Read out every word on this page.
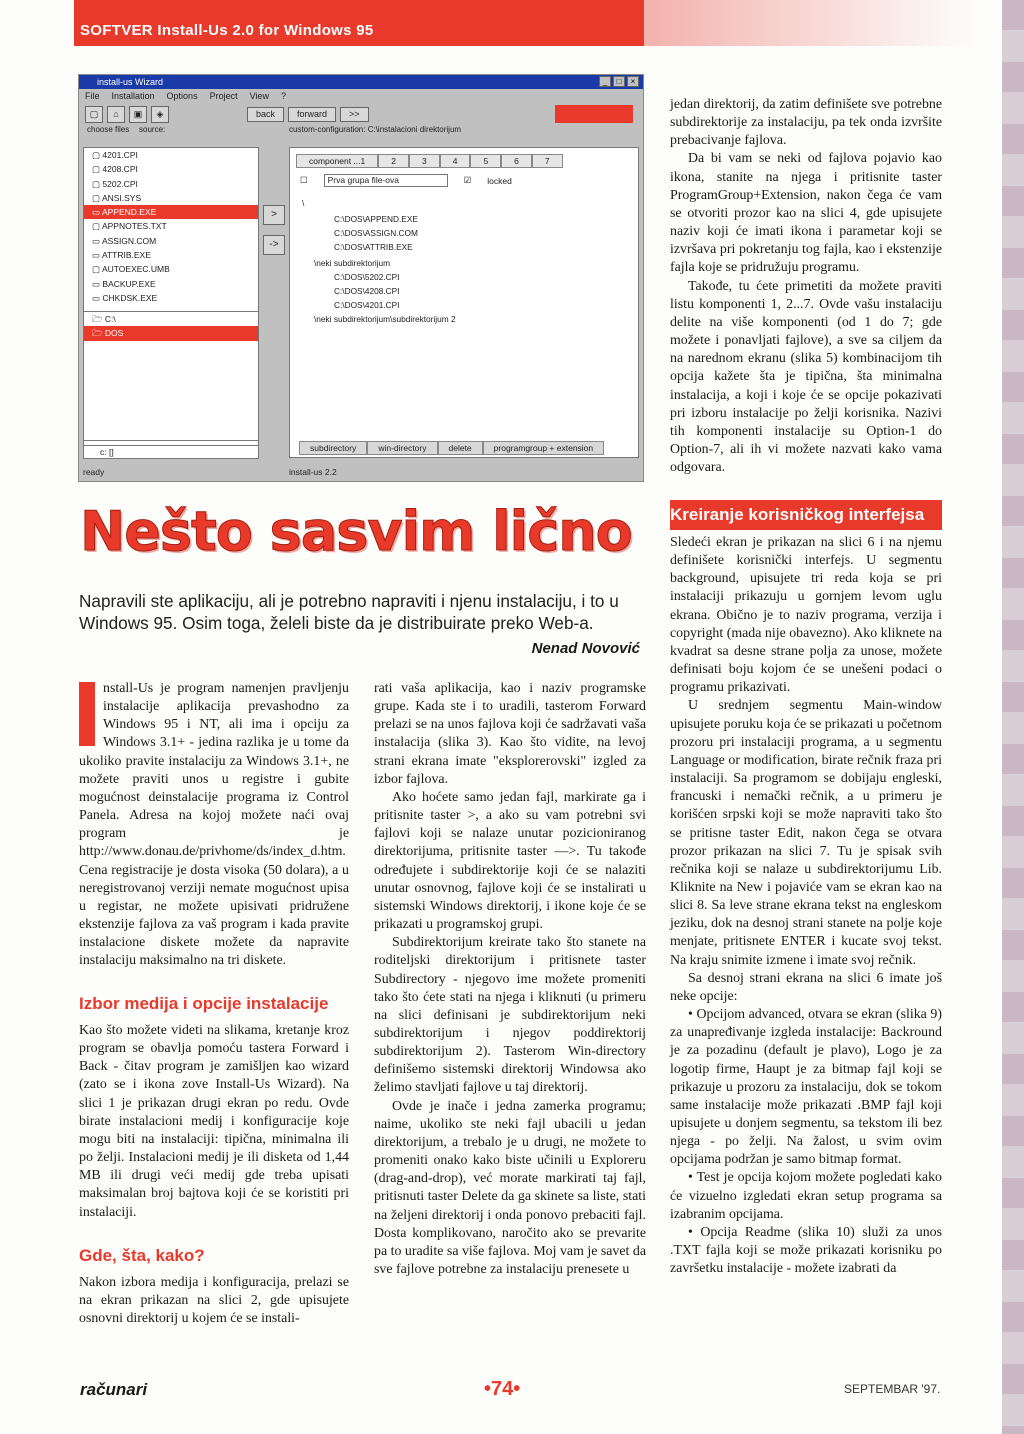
SOFTVER Install-Us 2.0 for Windows 95
install-us Wizard	_	□	×
File Installation Options Project View ?
▢	⌂	▣	◈	back	forward	>>
choose files	source:	custom-configuration: C:\instalacioni direktorijum
▢ 4201.CPI
▢ 4208.CPI
▢ 5202.CPI
▢ ANSI.SYS
▭ APPEND.EXE
▢ APPNOTES.TXT
▭ ASSIGN.COM
▭ ATTRIB.EXE
▢ AUTOEXEC.UMB
▭ BACKUP.EXE
▭ CHKDSK.EXE
🗁 C:\
🗁 DOS
c: []
>
->
component ...1	2	3	4	5	6	7
☐	Prva grupa file-ova	☑ locked
\
C:\DOS\APPEND.EXE
C:\DOS\ASSIGN.COM
C:\DOS\ATTRIB.EXE
\neki subdirektorijum
C:\DOS\5202.CPI
C:\DOS\4208.CPI
C:\DOS\4201.CPI
\neki subdirektorijum\subdirektorijum 2
subdirectory	win-directory	delete	programgroup + extension
ready	install-us 2.2
Nešto sasvim lično
Napravili ste aplikaciju, ali je potrebno napraviti i njenu instalaciju, i to u Windows 95. Osim toga, želeli biste da je distribuirate preko Web-a.
Nenad Novović

nstall-Us je program namenjen pravljenju instalacije aplikacija prevashodno za Windows 95 i NT, ali ima i opciju za Windows 3.1+ - jedina razlika je u tome da ukoliko pravite instalaciju za Windows 3.1+, ne možete praviti unos u registre i gubite mogućnost deinstalacije programa iz Control Panela. Adresa na kojoj možete naći ovaj program je http://www.donau.de/privhome/ds/index_d.htm. Cena registracije je dosta visoka (50 dolara), a u neregistrovanoj verziji nemate mogućnost upisa u registar, ne možete upisivati pridružene ekstenzije fajlova za vaš program i kada pravite instalacione diskete možete da napravite instalaciju maksimalno na tri diskete.

Izbor medija i opcije instalacije

Kao što možete videti na slikama, kretanje kroz program se obavlja pomoću tastera Forward i Back - čitav program je zamišljen kao wizard (zato se i ikona zove Install-Us Wizard). Na slici 1 je prikazan drugi ekran po redu. Ovde birate instalacioni medij i konfiguracije koje mogu biti na instalaciji: tipična, minimalna ili po želji. Instalacioni medij je ili disketa od 1,44 MB ili drugi veći medij gde treba upisati maksimalan broj bajtova koji će se koristiti pri instalaciji.

Gde, šta, kako?

Nakon izbora medija i konfiguracija, prelazi se na ekran prikazan na slici 2, gde upisujete osnovni direktorij u kojem će se instali-

rati vaša aplikacija, kao i naziv programske grupe. Kada ste i to uradili, tasterom Forward prelazi se na unos fajlova koji će sadržavati vaša instalacija (slika 3). Kao što vidite, na levoj strani ekrana imate "eksplorerovski" izgled za izbor fajlova.

Ako hoćete samo jedan fajl, markirate ga i pritisnite taster >, a ako su vam potrebni svi fajlovi koji se nalaze unutar pozicioniranog direktorijuma, pritisnite taster —>. Tu takođe određujete i subdirektorije koji će se nalaziti unutar osnovnog, fajlove koji će se instalirati u sistemski Windows direktorij, i ikone koje će se prikazati u programskoj grupi.

Subdirektorijum kreirate tako što stanete na roditeljski direktorijum i pritisnete taster Subdirectory - njegovo ime možete promeniti tako što ćete stati na njega i kliknuti (u primeru na slici definisani je subdirektorijum neki subdirektorijum i njegov poddirektorij subdirektorijum 2). Tasterom Win-directory definišemo sistemski direktorij Windowsa ako želimo stavljati fajlove u taj direktorij.

Ovde je inače i jedna zamerka programu; naime, ukoliko ste neki fajl ubacili u jedan direktorijum, a trebalo je u drugi, ne možete to promeniti onako kako biste učinili u Exploreru (drag-and-drop), već morate markirati taj fajl, pritisnuti taster Delete da ga skinete sa liste, stati na željeni direktorij i onda ponovo prebaciti fajl. Dosta komplikovano, naročito ako se prevarite pa to uradite sa više fajlova. Moj vam je savet da sve fajlove potrebne za instalaciju prenesete u

jedan direktorij, da zatim definišete sve potrebne subdirektorije za instalaciju, pa tek onda izvršite prebacivanje fajlova.

Da bi vam se neki od fajlova pojavio kao ikona, stanite na njega i pritisnite taster ProgramGroup+Extension, nakon čega će vam se otvoriti prozor kao na slici 4, gde upisujete naziv koji će imati ikona i parametar koji se izvršava pri pokretanju tog fajla, kao i ekstenzije fajla koje se pridružuju programu.

Takođe, tu ćete primetiti da možete praviti listu komponenti 1, 2...7. Ovde vašu instalaciju delite na više komponenti (od 1 do 7; gde možete i ponavljati fajlove), a sve sa ciljem da na narednom ekranu (slika 5) kombinacijom tih opcija kažete šta je tipična, šta minimalna instalacija, a koji i koje će se opcije pokazivati pri izboru instalacije po želji korisnika. Nazivi tih komponenti instalacije su Option-1 do Option-7, ali ih vi možete nazvati kako vama odgovara.

Kreiranje korisničkog interfejsa

Sledeći ekran je prikazan na slici 6 i na njemu definišete korisnički interfejs. U segmentu background, upisujete tri reda koja se pri instalaciji prikazuju u gornjem levom uglu ekrana. Obično je to naziv programa, verzija i copyright (mada nije obavezno). Ako kliknete na kvadrat sa desne strane polja za unose, možete definisati boju kojom će se unešeni podaci o programu prikazivati.

U srednjem segmentu Main-window upisujete poruku koja će se prikazati u početnom prozoru pri instalaciji programa, a u segmentu Language or modification, birate rečnik fraza pri instalaciji. Sa programom se dobijaju engleski, francuski i nemački rečnik, a u primeru je korišćen srpski koji se može napraviti tako što se pritisne taster Edit, nakon čega se otvara prozor prikazan na slici 7. Tu je spisak svih rečnika koji se nalaze u subdirektorijumu Lib. Kliknite na New i pojaviće vam se ekran kao na slici 8. Sa leve strane ekrana tekst na engleskom jeziku, dok na desnoj strani stanete na polje koje menjate, pritisnete ENTER i kucate svoj tekst. Na kraju snimite izmene i imate svoj rečnik.

Sa desnoj strani ekrana na slici 6 imate još neke opcije:

• Opcijom advanced, otvara se ekran (slika 9) za unapređivanje izgleda instalacije: Backround je za pozadinu (default je plavo), Logo je za logotip firme, Haupt je za bitmap fajl koji se prikazuje u prozoru za instalaciju, dok se tokom same instalacije može prikazati .BMP fajl koji upisujete u donjem segmentu, sa tekstom ili bez njega - po želji. Na žalost, u svim ovim opcijama podržan je samo bitmap format.

• Test je opcija kojom možete pogledati kako će vizuelno izgledati ekran setup programa sa izabranim opcijama.

• Opcija Readme (slika 10) služi za unos .TXT fajla koji se može prikazati korisniku po završetku instalacije - možete izabrati da

računari	•74•	SEPTEMBAR '97.
